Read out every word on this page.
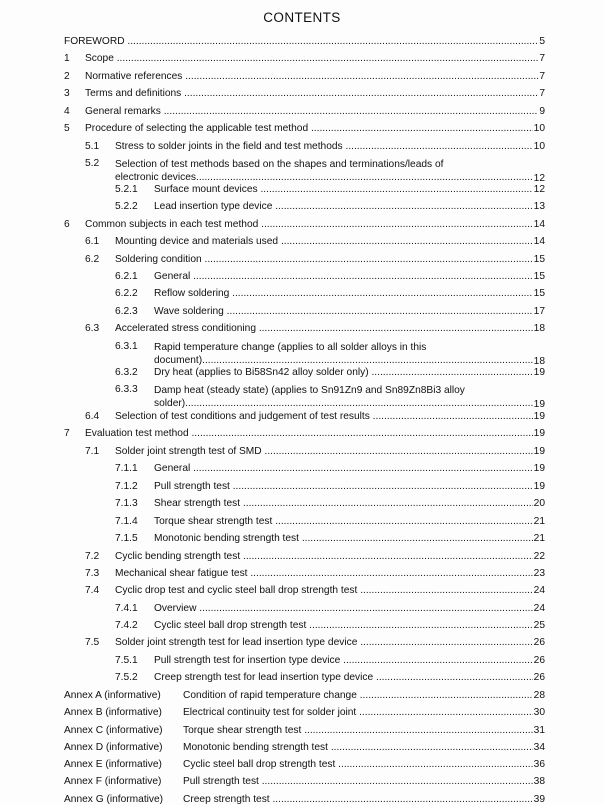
CONTENTS
FOREWORD .....	5
1	Scope .....	7
2	Normative references .....	7
3	Terms and definitions .....	7
4	General remarks .....	9
5	Procedure of selecting the applicable test method .....	10
5.1	Stress to solder joints in the field and test methods .....	10
5.2	Selection of test methods based on the shapes and terminations/leads of
electronic devices .....	12
5.2.1	Surface mount devices .....	12
5.2.2	Lead insertion type device .....	13
6	Common subjects in each test method .....	14
6.1	Mounting device and materials used .....	14
6.2	Soldering condition .....	15
6.2.1	General .....	15
6.2.2	Reflow soldering .....	15
6.2.3	Wave soldering .....	17
6.3	Accelerated stress conditioning .....	18
6.3.1	Rapid temperature change (applies to all solder alloys in this
document) .....	18
6.3.2	Dry heat (applies to Bi58Sn42 alloy solder only) .....	19
6.3.3	Damp heat (steady state) (applies to Sn91Zn9 and Sn89Zn8Bi3 alloy
solder) .....	19
6.4	Selection of test conditions and judgement of test results .....	19
7	Evaluation test method .....	19
7.1	Solder joint strength test of SMD .....	19
7.1.1	General .....	19
7.1.2	Pull strength test .....	19
7.1.3	Shear strength test .....	20
7.1.4	Torque shear strength test .....	21
7.1.5	Monotonic bending strength test .....	21
7.2	Cyclic bending strength test .....	22
7.3	Mechanical shear fatigue test .....	23
7.4	Cyclic drop test and cyclic steel ball drop strength test .....	24
7.4.1	Overview .....	24
7.4.2	Cyclic steel ball drop strength test .....	25
7.5	Solder joint strength test for lead insertion type device .....	26
7.5.1	Pull strength test for insertion type device .....	26
7.5.2	Creep strength test for lead insertion type device .....	26
Annex A (informative)	Condition of rapid temperature change .....	28
Annex B (informative)	Electrical continuity test for solder joint .....	30
Annex C (informative)	Torque shear strength test .....	31
Annex D (informative)	Monotonic bending strength test .....	34
Annex E (informative)	Cyclic steel ball drop strength test .....	36
Annex F (informative)	Pull strength test .....	38
Annex G (informative)	Creep strength test .....	39
